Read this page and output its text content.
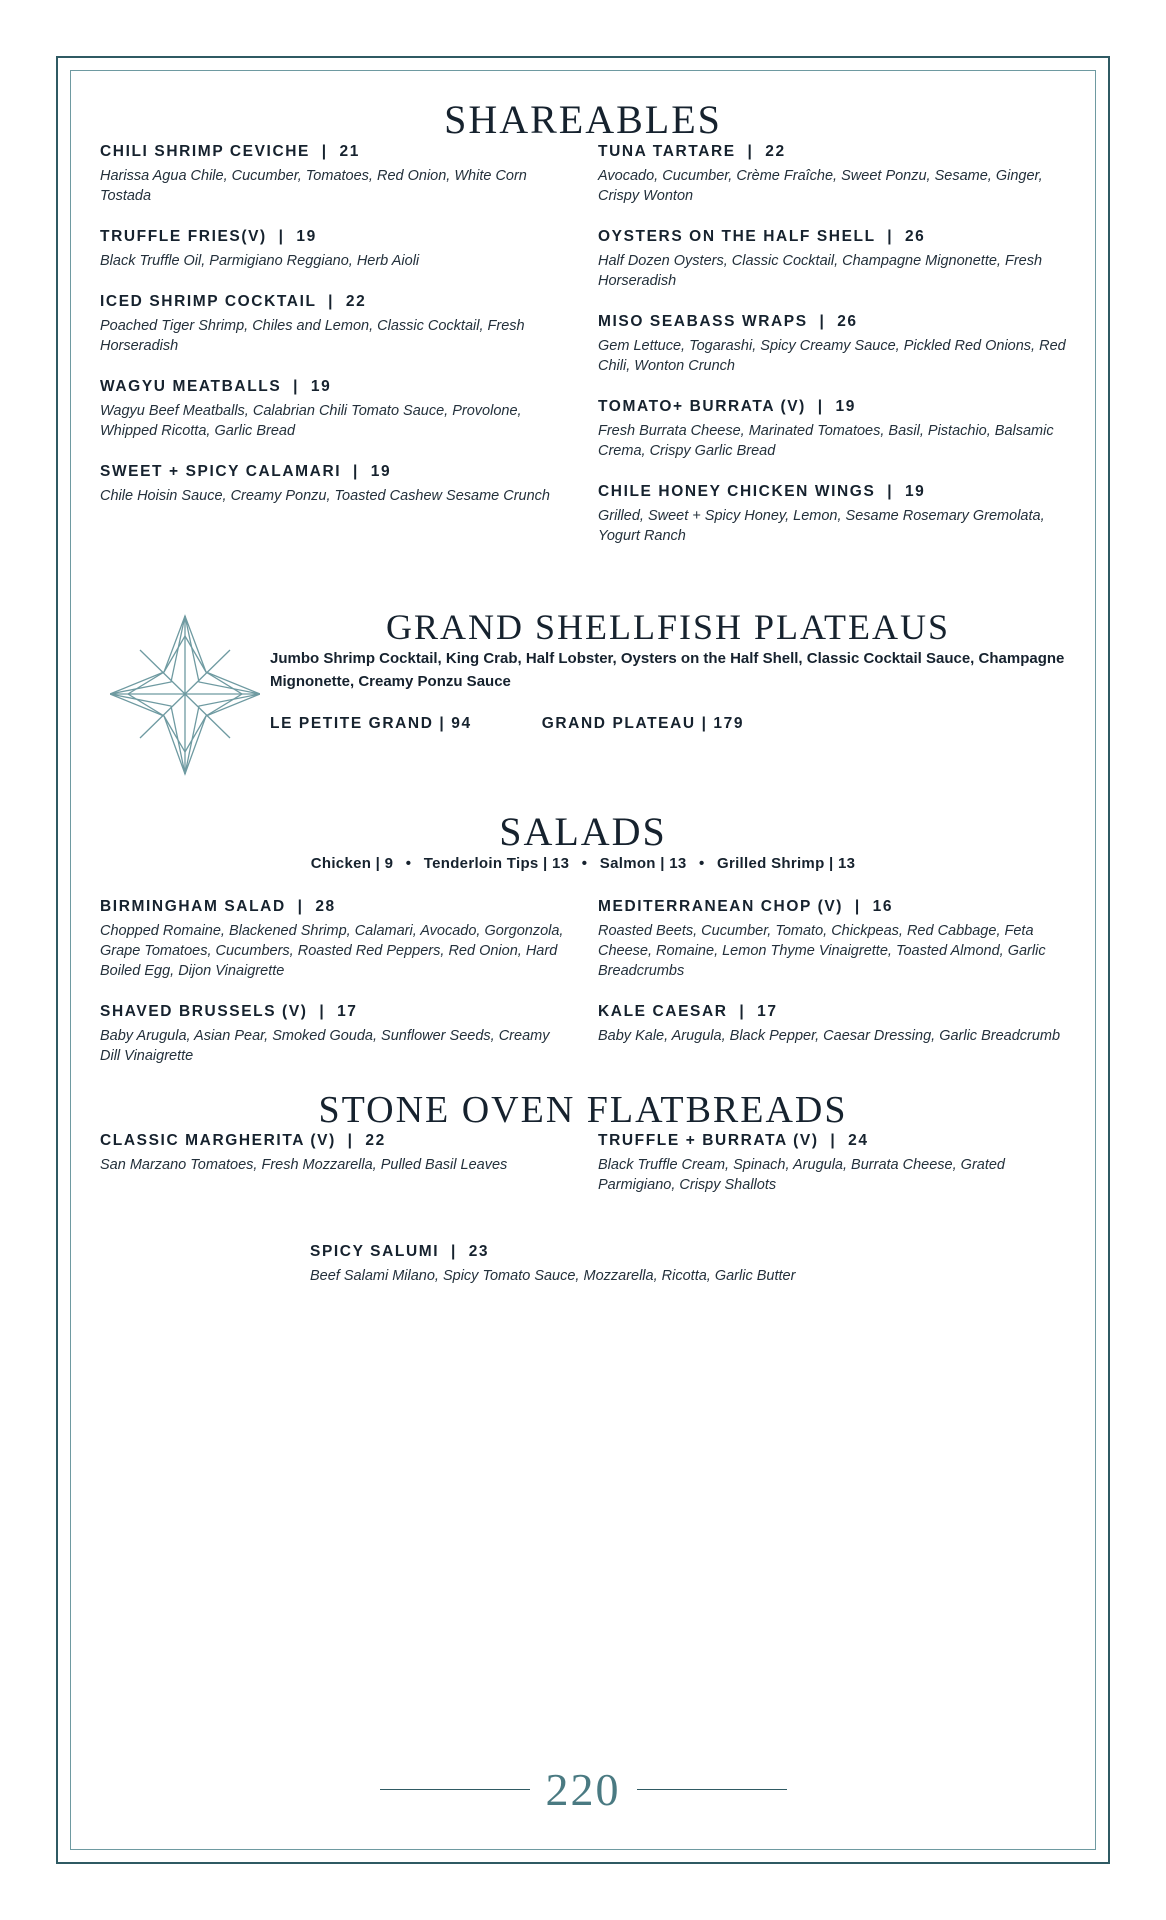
SHAREABLES

CHILI SHRIMP CEVICHE  |  21

Harissa Agua Chile, Cucumber, Tomatoes, Red Onion, White Corn Tostada

TRUFFLE FRIES(V)  |  19

Black Truffle Oil, Parmigiano Reggiano, Herb Aioli

ICED SHRIMP COCKTAIL  |  22

Poached Tiger Shrimp, Chiles and Lemon, Classic Cocktail, Fresh Horseradish

WAGYU MEATBALLS  |  19

Wagyu Beef Meatballs, Calabrian Chili Tomato Sauce, Provolone, Whipped Ricotta, Garlic Bread

SWEET + SPICY CALAMARI  |  19

Chile Hoisin Sauce, Creamy Ponzu, Toasted Cashew Sesame Crunch

TUNA TARTARE  |  22

Avocado, Cucumber, Crème Fraîche, Sweet Ponzu, Sesame, Ginger, Crispy Wonton

OYSTERS ON THE HALF SHELL  |  26

Half Dozen Oysters, Classic Cocktail, Champagne Mignonette, Fresh Horseradish

MISO SEABASS WRAPS  |  26

Gem Lettuce, Togarashi, Spicy Creamy Sauce, Pickled Red Onions, Red Chili, Wonton Crunch

TOMATO+ BURRATA (V)  |  19

Fresh Burrata Cheese, Marinated Tomatoes, Basil, Pistachio, Balsamic Crema, Crispy Garlic Bread

CHILE HONEY CHICKEN WINGS  |  19

Grilled, Sweet + Spicy Honey, Lemon, Sesame Rosemary Gremolata, Yogurt Ranch

GRAND SHELLFISH PLATEAUS

Jumbo Shrimp Cocktail, King Crab, Half Lobster, Oysters on the Half Shell, Classic Cocktail Sauce, Champagne Mignonette, Creamy Ponzu Sauce

LE PETITE GRAND | 94	GRAND PLATEAU | 179
SALADS

Chicken | 9 • Tenderloin Tips | 13 • Salmon | 13 • Grilled Shrimp | 13

BIRMINGHAM SALAD  |  28

Chopped Romaine, Blackened Shrimp, Calamari, Avocado, Gorgonzola, Grape Tomatoes, Cucumbers, Roasted Red Peppers, Red Onion, Hard Boiled Egg, Dijon Vinaigrette

SHAVED BRUSSELS (V)  |  17

Baby Arugula, Asian Pear, Smoked Gouda, Sunflower Seeds, Creamy Dill Vinaigrette

MEDITERRANEAN CHOP (V)  |  16

Roasted Beets, Cucumber, Tomato, Chickpeas, Red Cabbage, Feta Cheese, Romaine, Lemon Thyme Vinaigrette, Toasted Almond, Garlic Breadcrumbs

KALE CAESAR  |  17

Baby Kale, Arugula, Black Pepper, Caesar Dressing, Garlic Breadcrumb

STONE OVEN FLATBREADS

CLASSIC MARGHERITA (V)  |  22

San Marzano Tomatoes, Fresh Mozzarella, Pulled Basil Leaves

TRUFFLE + BURRATA (V)  |  24

Black Truffle Cream, Spinach, Arugula, Burrata Cheese, Grated Parmigiano, Crispy Shallots

SPICY SALUMI  |  23

Beef Salami Milano, Spicy Tomato Sauce, Mozzarella, Ricotta, Garlic Butter

220
